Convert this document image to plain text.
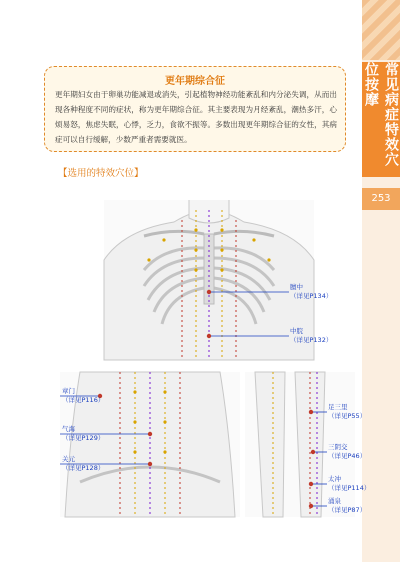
常见病症特效穴位按摩
253
更年期综合征
更年期妇女由于卵巢功能减退或消失，引起植物神经功能紊乱和内分泌失调，从而出现各种程度不同的症状，称为更年期综合征。其主要表现为月经紊乱，潮热多汗，心烦易怒，焦虑失眠，心悸，乏力，食欲不振等。多数出现更年期综合征的女性，其病症可以自行缓解，少数严重者需要就医。
【选用的特效穴位】
膻中
（详见P134）
中脘
（详见P132）
章门
（详见P116）
气海
（详见P129）
关元
（详见P128）
足三里
（详见P55）
三阴交
（详见P46）
太冲
（详见P114）
涌泉
（详见P87）
